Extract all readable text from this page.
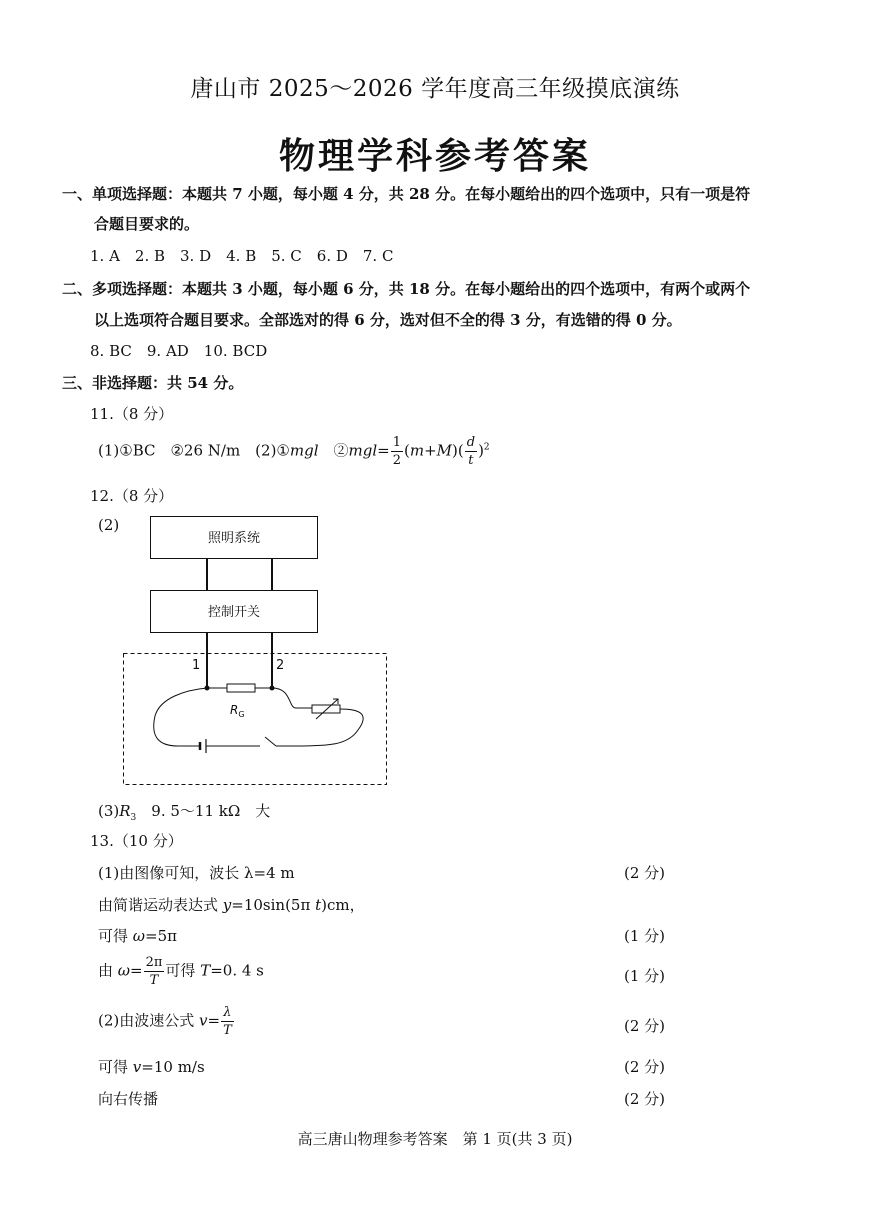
唐山市 2025～2026 学年度高三年级摸底演练
物理学科参考答案
一、单项选择题：本题共 7 小题，每小题 4 分，共 28 分。在每小题给出的四个选项中，只有一项是符
合题目要求的。
1. A　2. B　3. D　4. B　5. C　6. D　7. C
二、多项选择题：本题共 3 小题，每小题 6 分，共 18 分。在每小题给出的四个选项中，有两个或两个
以上选项符合题目要求。全部选对的得 6 分，选对但不全的得 3 分，有选错的得 0 分。
8. BC　9. AD　10. BCD
三、非选择题：共 54 分。
11.（8 分）
(1)①BC　②26 N/m　(2)①mgl　②mgl= $\frac{1}{2} (m+M)( \frac{d}{t} )^2$
12.（8 分）
(2)
照明系统
控制开关
1	2
$R_G$
$(3)R_3$　9. 5～11 kΩ　大
13.（10 分）
(1)由图像可知，波长 λ=4 m	(2 分)
由简谐运动表达式 y=10sin(5π t)cm，
可得 ω=5π	(1 分)
由 $\omega= \frac{2\pi}{T}$ 可得 T=0. 4 s	(1 分)
(2)由波速公式 $v= \frac{\lambda}{T}$	(2 分)
可得 v=10 m/s	(2 分)
向右传播	(2 分)
高三唐山物理参考答案　第 1 页(共 3 页)
